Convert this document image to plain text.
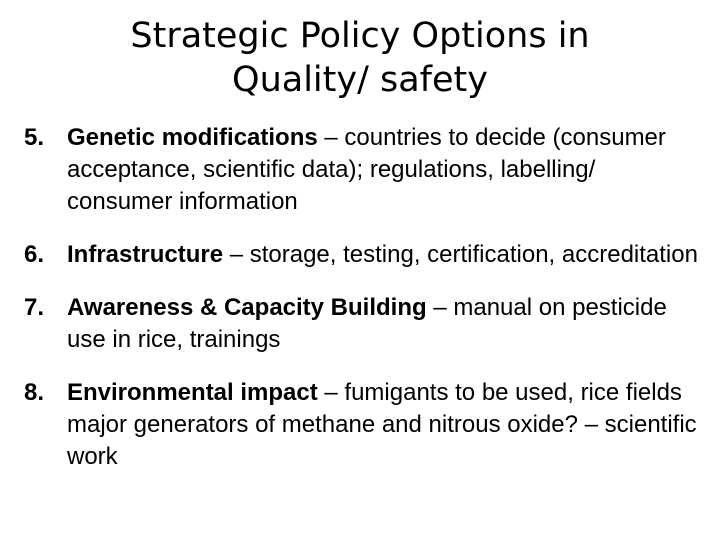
Strategic Policy Options in
Quality/ safety
5. Genetic modifications – countries to decide (consumer acceptance, scientific data); regulations, labelling/ consumer information
6. Infrastructure – storage, testing, certification, accreditation
7. Awareness & Capacity Building – manual on pesticide use in rice, trainings
8. Environmental impact – fumigants to be used, rice fields major generators of methane and nitrous oxide? – scientific work
